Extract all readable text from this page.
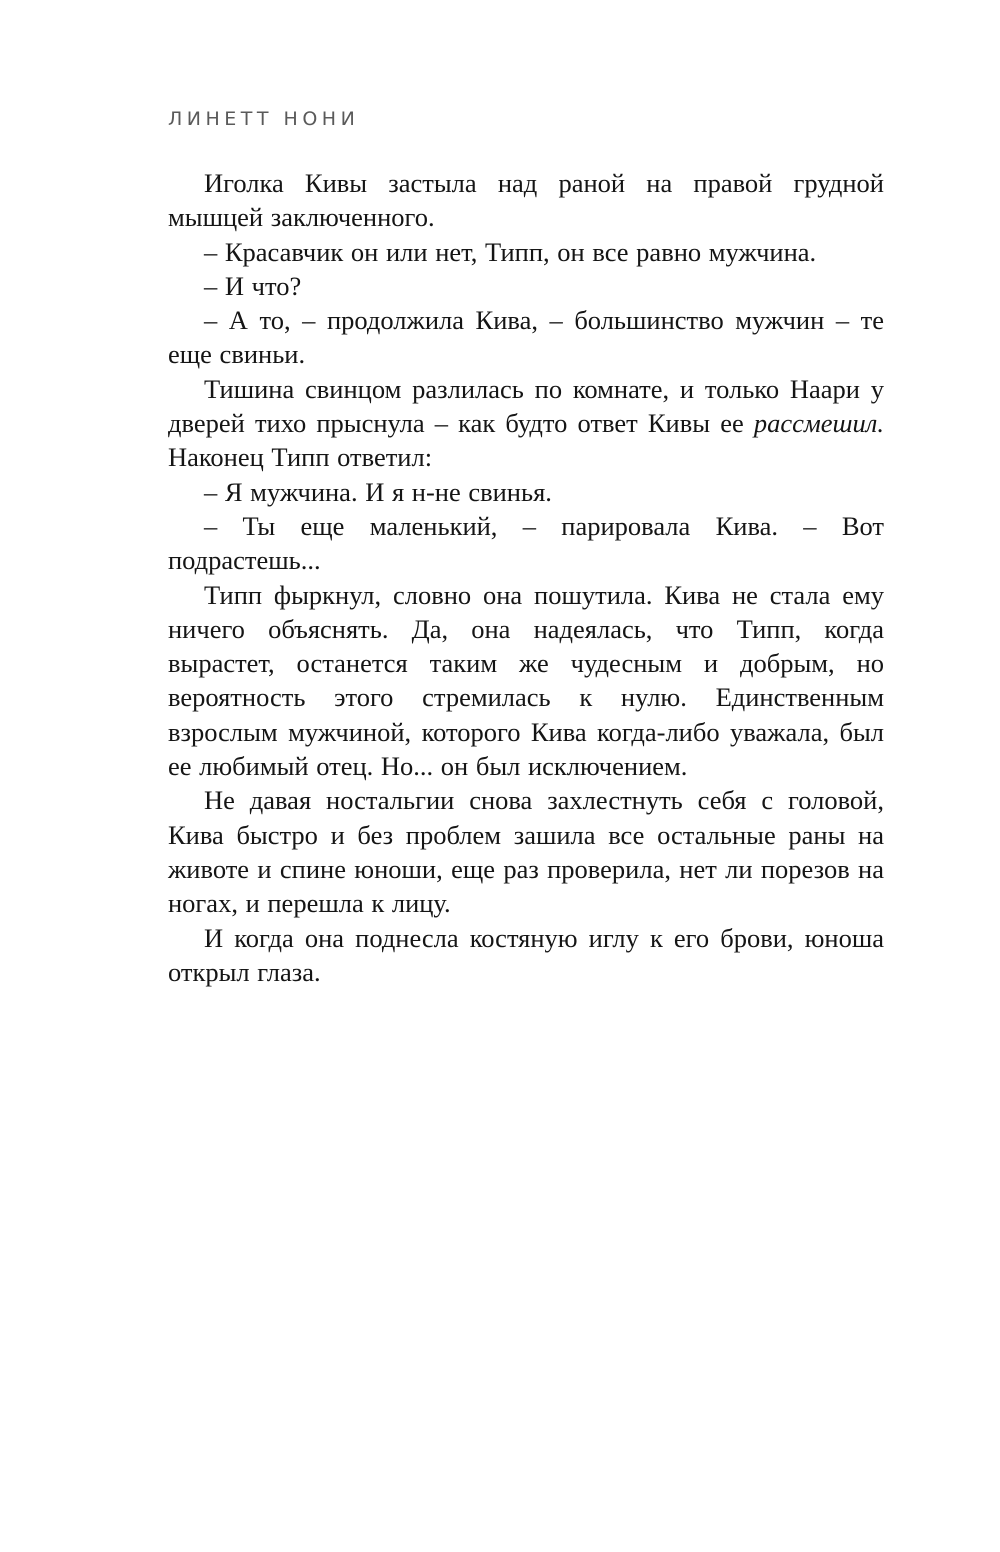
ЛИНЕТТ НОНИ

Иголка Кивы застыла над раной на правой грудной мышцей заключенного.

– Красавчик он или нет, Типп, он все равно мужчина.

– И что?

– А то, – продолжила Кива, – большинство мужчин – те еще свиньи.

Тишина свинцом разлилась по комнате, и только Наари у дверей тихо прыснула – как будто ответ Кивы ее рассмешил. Наконец Типп ответил:

– Я мужчина. И я н-не свинья.

– Ты еще маленький, – парировала Кива. – Вот подрастешь...

Типп фыркнул, словно она пошутила. Кива не стала ему ничего объяснять. Да, она надеялась, что Типп, когда вырастет, останется таким же чудесным и добрым, но вероятность этого стремилась к нулю. Единственным взрослым мужчиной, которого Кива когда-либо уважала, был ее любимый отец. Но... он был исключением.

Не давая ностальгии снова захлестнуть себя с головой, Кива быстро и без проблем зашила все остальные раны на животе и спине юноши, еще раз проверила, нет ли порезов на ногах, и перешла к лицу.

И когда она поднесла костяную иглу к его брови, юноша открыл глаза.
